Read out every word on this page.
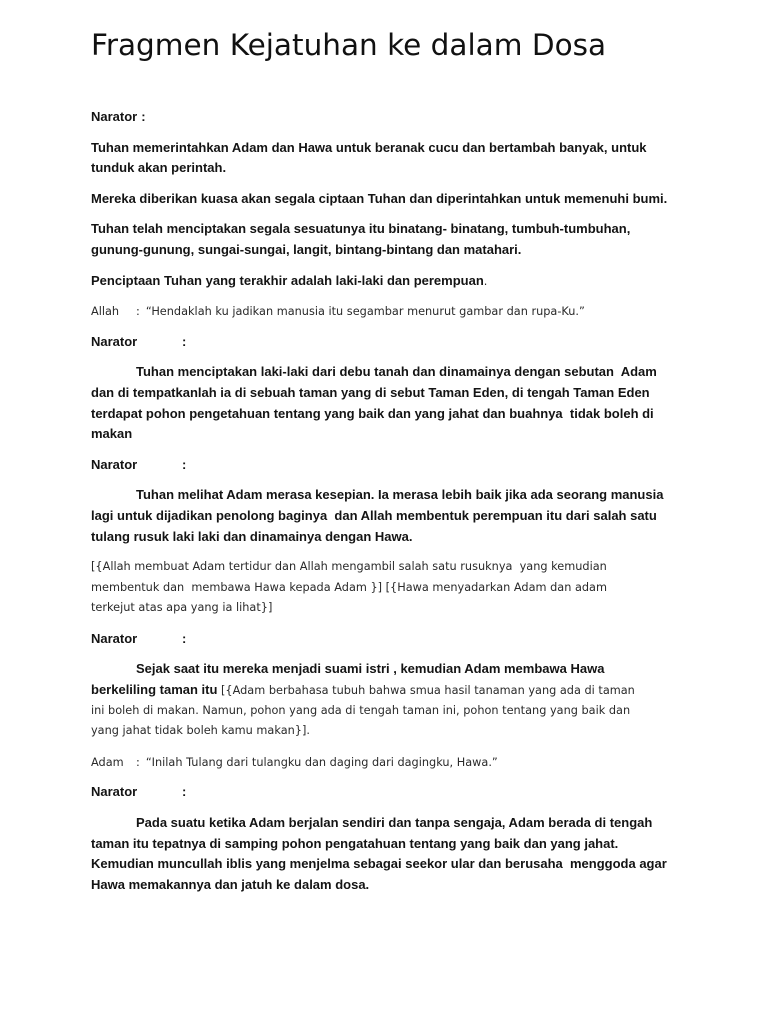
Fragmen Kejatuhan ke dalam Dosa
Narator :
Tuhan memerintahkan Adam dan Hawa untuk beranak cucu dan bertambah banyak, untuk
tunduk akan perintah.
Mereka diberikan kuasa akan segala ciptaan Tuhan dan diperintahkan untuk memenuhi bumi.
Tuhan telah menciptakan segala sesuatunya itu binatang- binatang, tumbuh-tumbuhan,
gunung-gunung, sungai-sungai, langit, bintang-bintang dan matahari.
Penciptaan Tuhan yang terakhir adalah laki-laki dan perempuan.
Allah : “Hendaklah ku jadikan manusia itu segambar menurut gambar dan rupa-Ku.”
Narator	:
Tuhan menciptakan laki-laki dari debu tanah dan dinamainya dengan sebutan  Adam
dan di tempatkanlah ia di sebuah taman yang di sebut Taman Eden, di tengah Taman Eden
terdapat pohon pengetahuan tentang yang baik dan yang jahat dan buahnya  tidak boleh di
makan
Narator	:
Tuhan melihat Adam merasa kesepian. Ia merasa lebih baik jika ada seorang manusia
lagi untuk dijadikan penolong baginya  dan Allah membentuk perempuan itu dari salah satu
tulang rusuk laki laki dan dinamainya dengan Hawa.
[{Allah membuat Adam tertidur dan Allah mengambil salah satu rusuknya  yang kemudian
membentuk dan  membawa Hawa kepada Adam }] [{Hawa menyadarkan Adam dan adam
terkejut atas apa yang ia lihat}]
Narator	:
Sejak saat itu mereka menjadi suami istri , kemudian Adam membawa Hawa
berkeliling taman itu [{Adam berbahasa tubuh bahwa smua hasil tanaman yang ada di taman
ini boleh di makan. Namun, pohon yang ada di tengah taman ini, pohon tentang yang baik dan
yang jahat tidak boleh kamu makan}].
Adam : “Inilah Tulang dari tulangku dan daging dari dagingku, Hawa.”
Narator	:
Pada suatu ketika Adam berjalan sendiri dan tanpa sengaja, Adam berada di tengah
taman itu tepatnya di samping pohon pengatahuan tentang yang baik dan yang jahat.
Kemudian muncullah iblis yang menjelma sebagai seekor ular dan berusaha  menggoda agar
Hawa memakannya dan jatuh ke dalam dosa.
